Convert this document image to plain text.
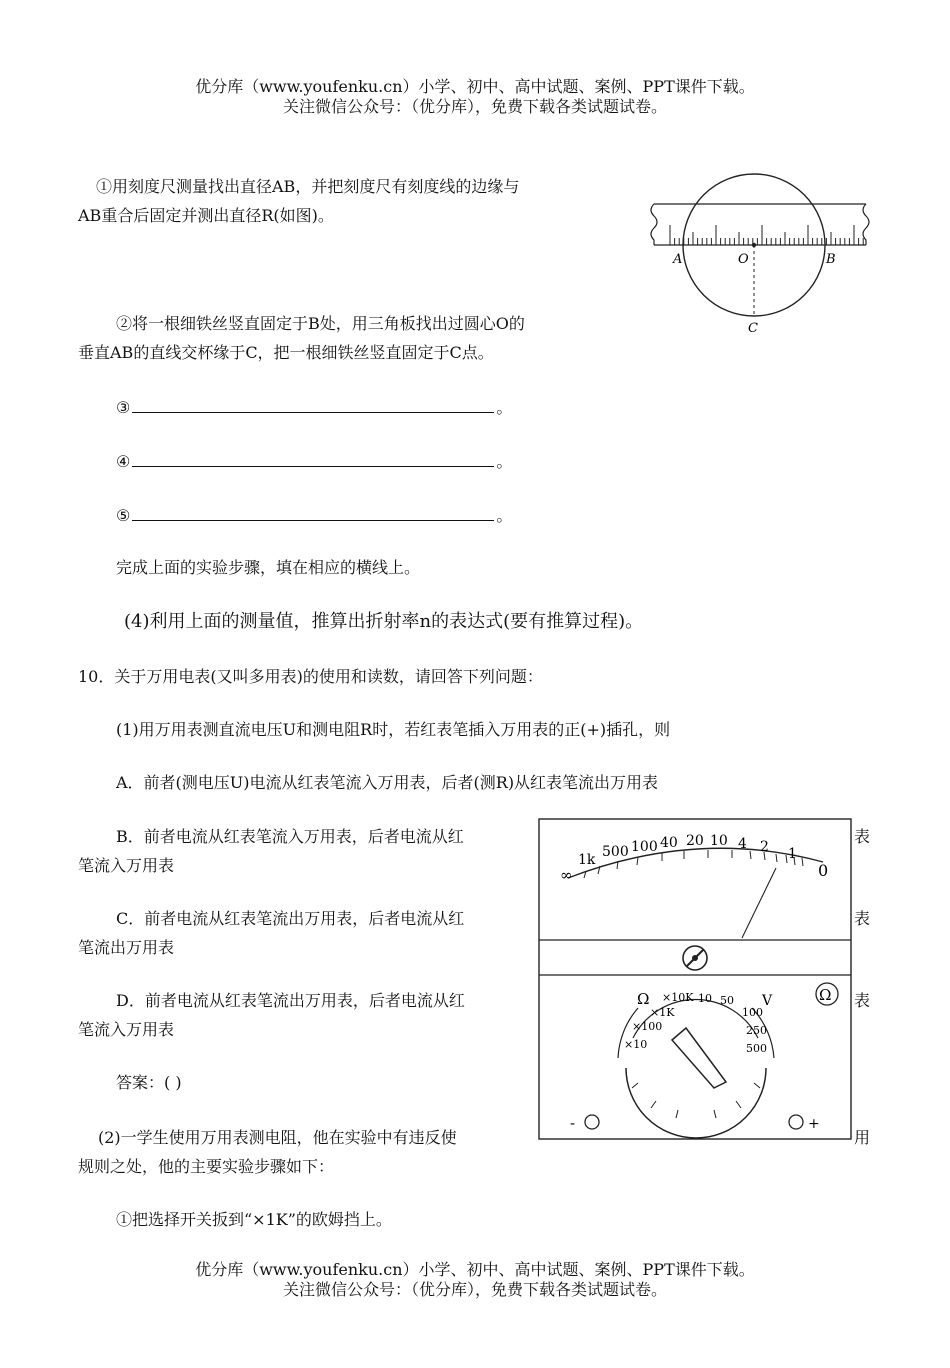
优分库（www.youfenku.cn）小学、初中、高中试题、案例、PPT课件下载。
关注微信公众号：（优分库），免费下载各类试题试卷。
①用刻度尺测量找出直径AB，并把刻度尺有刻度线的边缘与
AB重合后固定并测出直径R(如图)。
②将一根细铁丝竖直固定于B处，用三角板找出过圆心O的
垂直AB的直线交杯缘于C，把一根细铁丝竖直固定于C点。
③	。
④	。
⑤	。
完成上面的实验步骤，填在相应的横线上。
(4)利用上面的测量值，推算出折射率n的表达式(要有推算过程)。
A	O	B
C
10．关于万用电表(又叫多用表)的使用和读数，请回答下列问题：
(1)用万用表测直流电压U和测电阻R时，若红表笔插入万用表的正(+)插孔，则
A．前者(测电压U)电流从红表笔流入万用表，后者(测R)从红表笔流出万用表
B．前者电流从红表笔流入万用表，后者电流从红	表
笔流入万用表
C．前者电流从红表笔流出万用表，后者电流从红	表
笔流出万用表
D．前者电流从红表笔流出万用表，后者电流从红	表
笔流入万用表
答案：( )
(2)一学生使用万用表测电阻，他在实验中有违反使	用
规则之处，他的主要实验步骤如下：
①把选择开关扳到“×1K”的欧姆挡上。
∞
1k 500 100 40 20 10 4 2 1
0
Ω
Ω ×10K
×1K
×100
×10
10 50
100
250
500
V
-	+
优分库（www.youfenku.cn）小学、初中、高中试题、案例、PPT课件下载。
关注微信公众号：（优分库），免费下载各类试题试卷。
